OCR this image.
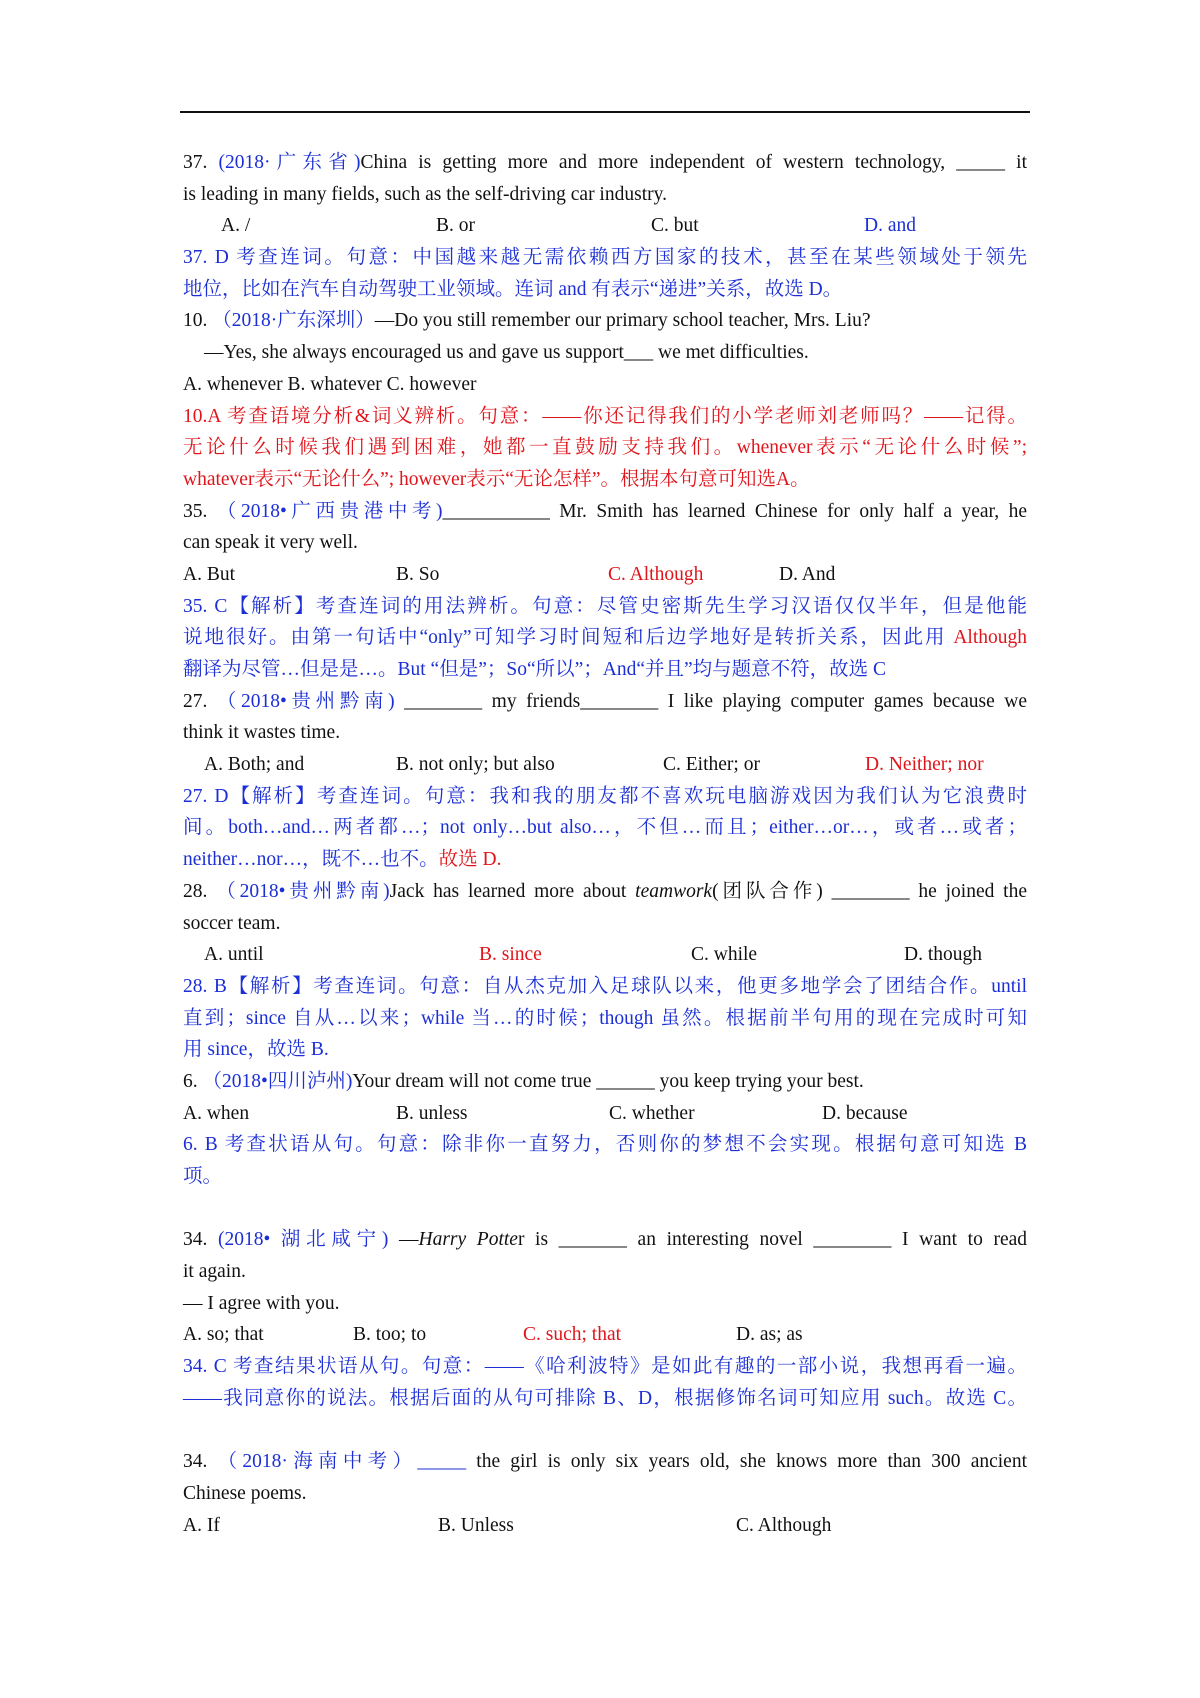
37. (2018·广东省)China is getting more and more independent of western technology, _____ it
is leading in many fields, such as the self-driving car industry.
A. /	B. or	C. but	D. and
37. D 考查连词。句意：中国越来越无需依赖西方国家的技术，甚至在某些领域处于领先
地位，比如在汽车自动驾驶工业领域。连词 and 有表示“递进”关系，故选 D。
10. （2018·广东深圳）—Do you still remember our primary school teacher, Mrs. Liu?
—Yes, she always encouraged us and gave us support___ we met difficulties.
A. whenever B. whatever C. however
10.A 考查语境分析&词义辨析。句意：——你还记得我们的小学老师刘老师吗？——记得。
无论什么时候我们遇到困难，她都一直鼓励支持我们。whenever表示“无论什么时候”;
whatever表示“无论什么”; however表示“无论怎样”。根据本句意可知选A。
35. （2018•广西贵港中考)___________ Mr. Smith has learned Chinese for only half a year, he
can speak it very well.
A. But	B. So	C. Although	D. And
35. C【解析】考查连词的用法辨析。句意：尽管史密斯先生学习汉语仅仅半年，但是他能
说地很好。由第一句话中“only”可知学习时间短和后边学地好是转折关系，因此用 Although
翻译为尽管…但是是…。But “但是”；So“所以”；And“并且”均与题意不符，故选 C
27. （2018•贵州黔南) ________ my friends________ I like playing computer games because we
think it wastes time.
A. Both; and	B. not only; but also	C. Either; or	D. Neither; nor
27. D【解析】考查连词。句意：我和我的朋友都不喜欢玩电脑游戏因为我们认为它浪费时
间。both…and…两者都…；not only…but also…，不但…而且；either…or…，或者…或者；
neither…nor…，既不…也不。故选 D.
28. （2018•贵州黔南)Jack has learned more about teamwork(团队合作) ________ he joined the
soccer team.
A. until	B. since	C. while	D. though
28. B【解析】考查连词。句意：自从杰克加入足球队以来，他更多地学会了团结合作。until
直到；since 自从…以来；while 当…的时候；though 虽然。根据前半句用的现在完成时可知
用 since，故选 B.
6. （2018•四川泸州)Your dream will not come true ______ you keep trying your best.
A. when	B. unless	C. whether	D. because
6. B 考查状语从句。句意：除非你一直努力，否则你的梦想不会实现。根据句意可知选 B
项。
34. (2018• 湖北咸宁) —Harry Potter is _______ an interesting novel ________ I want to read
it again.
— I agree with you.
A. so; that	B. too; to	C. such; that	D. as; as
34. C 考查结果状语从句。句意：——《哈利波特》是如此有趣的一部小说，我想再看一遍。
——我同意你的说法。根据后面的从句可排除 B、D，根据修饰名词可知应用 such。故选 C。
34. （2018·海南中考）_____ the girl is only six years old, she knows more than 300 ancient
Chinese poems.
A. If	B. Unless	C. Although
